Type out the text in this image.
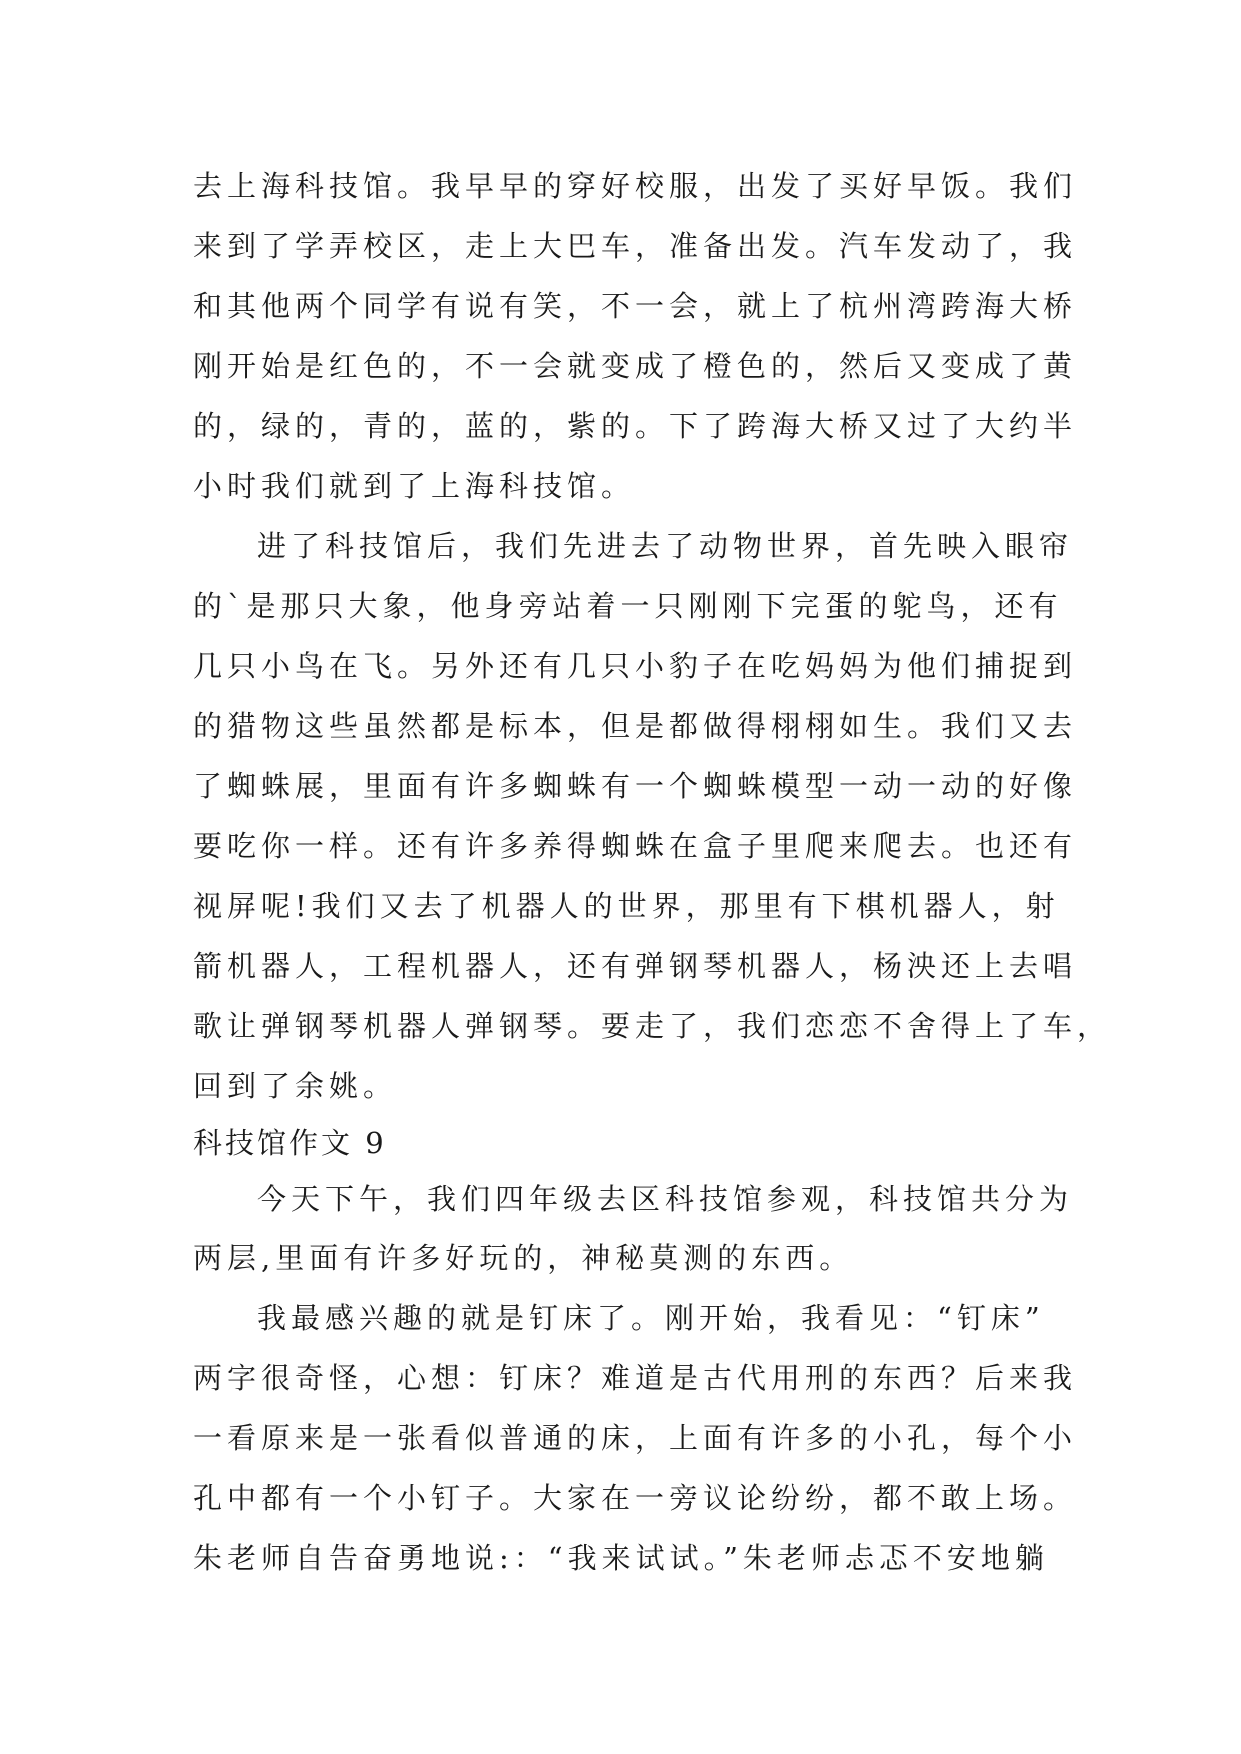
去上海科技馆。我早早的穿好校服，出发了买好早饭。我们
来到了学弄校区，走上大巴车，准备出发。汽车发动了，我
和其他两个同学有说有笑，不一会，就上了杭州湾跨海大桥
刚开始是红色的，不一会就变成了橙色的，然后又变成了黄
的，绿的，青的，蓝的，紫的。下了跨海大桥又过了大约半
小时我们就到了上海科技馆。
进了科技馆后，我们先进去了动物世界，首先映入眼帘
的`是那只大象，他身旁站着一只刚刚下完蛋的鸵鸟，还有
几只小鸟在飞。另外还有几只小豹子在吃妈妈为他们捕捉到
的猎物这些虽然都是标本，但是都做得栩栩如生。我们又去
了蜘蛛展，里面有许多蜘蛛有一个蜘蛛模型一动一动的好像
要吃你一样。还有许多养得蜘蛛在盒子里爬来爬去。也还有
视屏呢!我们又去了机器人的世界，那里有下棋机器人，射
箭机器人，工程机器人，还有弹钢琴机器人，杨泱还上去唱
歌让弹钢琴机器人弹钢琴。要走了，我们恋恋不舍得上了车，
回到了余姚。
科技馆作文 9
今天下午，我们四年级去区科技馆参观，科技馆共分为
两层,里面有许多好玩的，神秘莫测的东西。
我最感兴趣的就是钉床了。刚开始，我看见：“钉床”
两字很奇怪，心想：钉床？难道是古代用刑的东西？后来我
一看原来是一张看似普通的床，上面有许多的小孔，每个小
孔中都有一个小钉子。大家在一旁议论纷纷，都不敢上场。
朱老师自告奋勇地说:：“我来试试。”朱老师忐忑不安地躺
